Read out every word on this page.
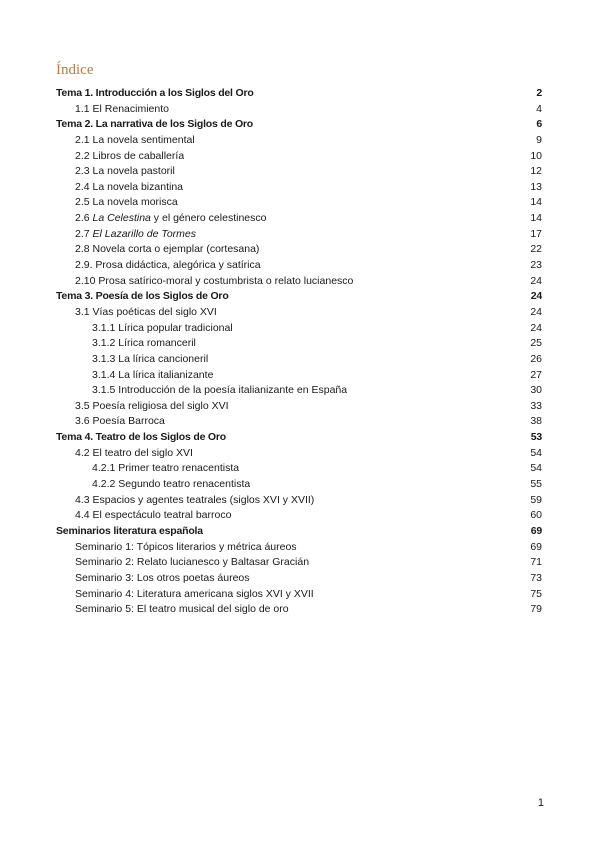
Índice
Tema 1. Introducción a los Siglos del Oro	2
1.1 El Renacimiento	4
Tema 2. La narrativa de los Siglos de Oro	6
2.1 La novela sentimental	9
2.2 Libros de caballería	10
2.3 La novela pastoril	12
2.4 La novela bizantina	13
2.5 La novela morisca	14
2.6 La Celestina y el género celestinesco	14
2.7 El Lazarillo de Tormes	17
2.8 Novela corta o ejemplar (cortesana)	22
2.9. Prosa didáctica, alegórica y satírica	23
2.10 Prosa satírico-moral y costumbrista o relato lucianesco	24
Tema 3. Poesía de los Siglos de Oro	24
3.1 Vías poéticas del siglo XVI	24
3.1.1 Lírica popular tradicional	24
3.1.2 Lírica romanceril	25
3.1.3 La lírica cancioneril	26
3.1.4 La lírica italianizante	27
3.1.5 Introducción de la poesía italianizante en España	30
3.5 Poesía religiosa del siglo XVI	33
3.6 Poesía Barroca	38
Tema 4. Teatro de los Siglos de Oro	53
4.2 El teatro del siglo XVI	54
4.2.1 Primer teatro renacentista	54
4.2.2 Segundo teatro renacentista	55
4.3 Espacios y agentes teatrales (siglos XVI y XVII)	59
4.4 El espectáculo teatral barroco	60
Seminarios literatura española	69
Seminario 1: Tópicos literarios y métrica áureos	69
Seminario 2: Relato lucianesco y Baltasar Gracián	71
Seminario 3: Los otros poetas áureos	73
Seminario 4: Literatura americana siglos XVI y XVII	75
Seminario 5: El teatro musical del siglo de oro	79
1
